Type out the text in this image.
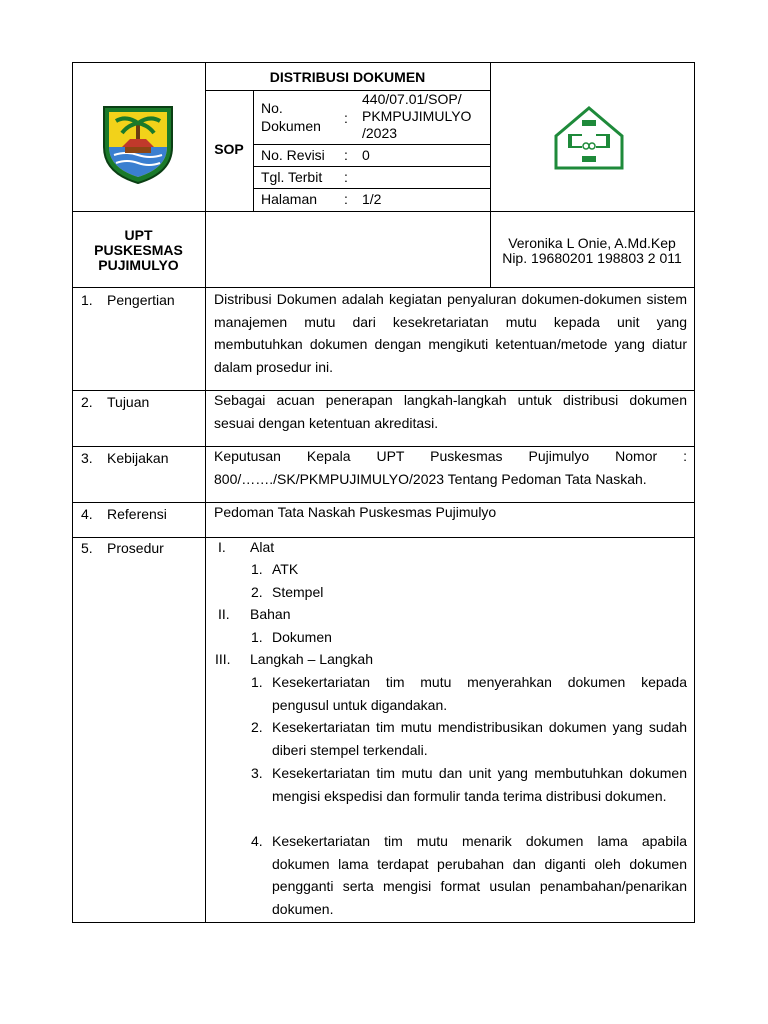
DISTRIBUSI DOKUMEN
SOP
No.
Dokumen	:
440/07.01/SOP/ PKMPUJIMULYO /2023
No. Revisi : 0
Tgl. Terbit :
Halaman : 1/2
UPT
PUSKESMAS
PUJIMULYO
Veronika L Onie, A.Md.Kep
Nip. 19680201 198803 2 011
1. Pengertian
2. Tujuan
3. Kebijakan
4. Referensi
5. Prosedur
Distribusi Dokumen adalah kegiatan penyaluran dokumen-dokumen sistem manajemen mutu dari kesekretariatan mutu kepada unit yang membutuhkan dokumen dengan mengikuti ketentuan/metode yang diatur dalam prosedur ini.
Sebagai acuan penerapan langkah-langkah untuk distribusi dokumen sesuai dengan ketentuan akreditasi.
Keputusan Kepala UPT Puskesmas Pujimulyo Nomor : 800/……./SK/PKMPUJIMULYO/2023 Tentang Pedoman Tata Naskah.
Pedoman Tata Naskah Puskesmas Pujimulyo
I. Alat
1. ATK
2. Stempel
II. Bahan
1. Dokumen
III. Langkah – Langkah
1. Kesekertariatan tim mutu menyerahkan dokumen kepada pengusul untuk digandakan.
2. Kesekertariatan tim mutu mendistribusikan dokumen yang sudah diberi stempel terkendali.
3. Kesekertariatan tim mutu dan unit yang membutuhkan dokumen mengisi ekspedisi dan formulir tanda terima distribusi dokumen.
4. Kesekertariatan tim mutu menarik dokumen lama apabila dokumen lama terdapat perubahan dan diganti oleh dokumen pengganti serta mengisi format usulan penambahan/penarikan dokumen.
